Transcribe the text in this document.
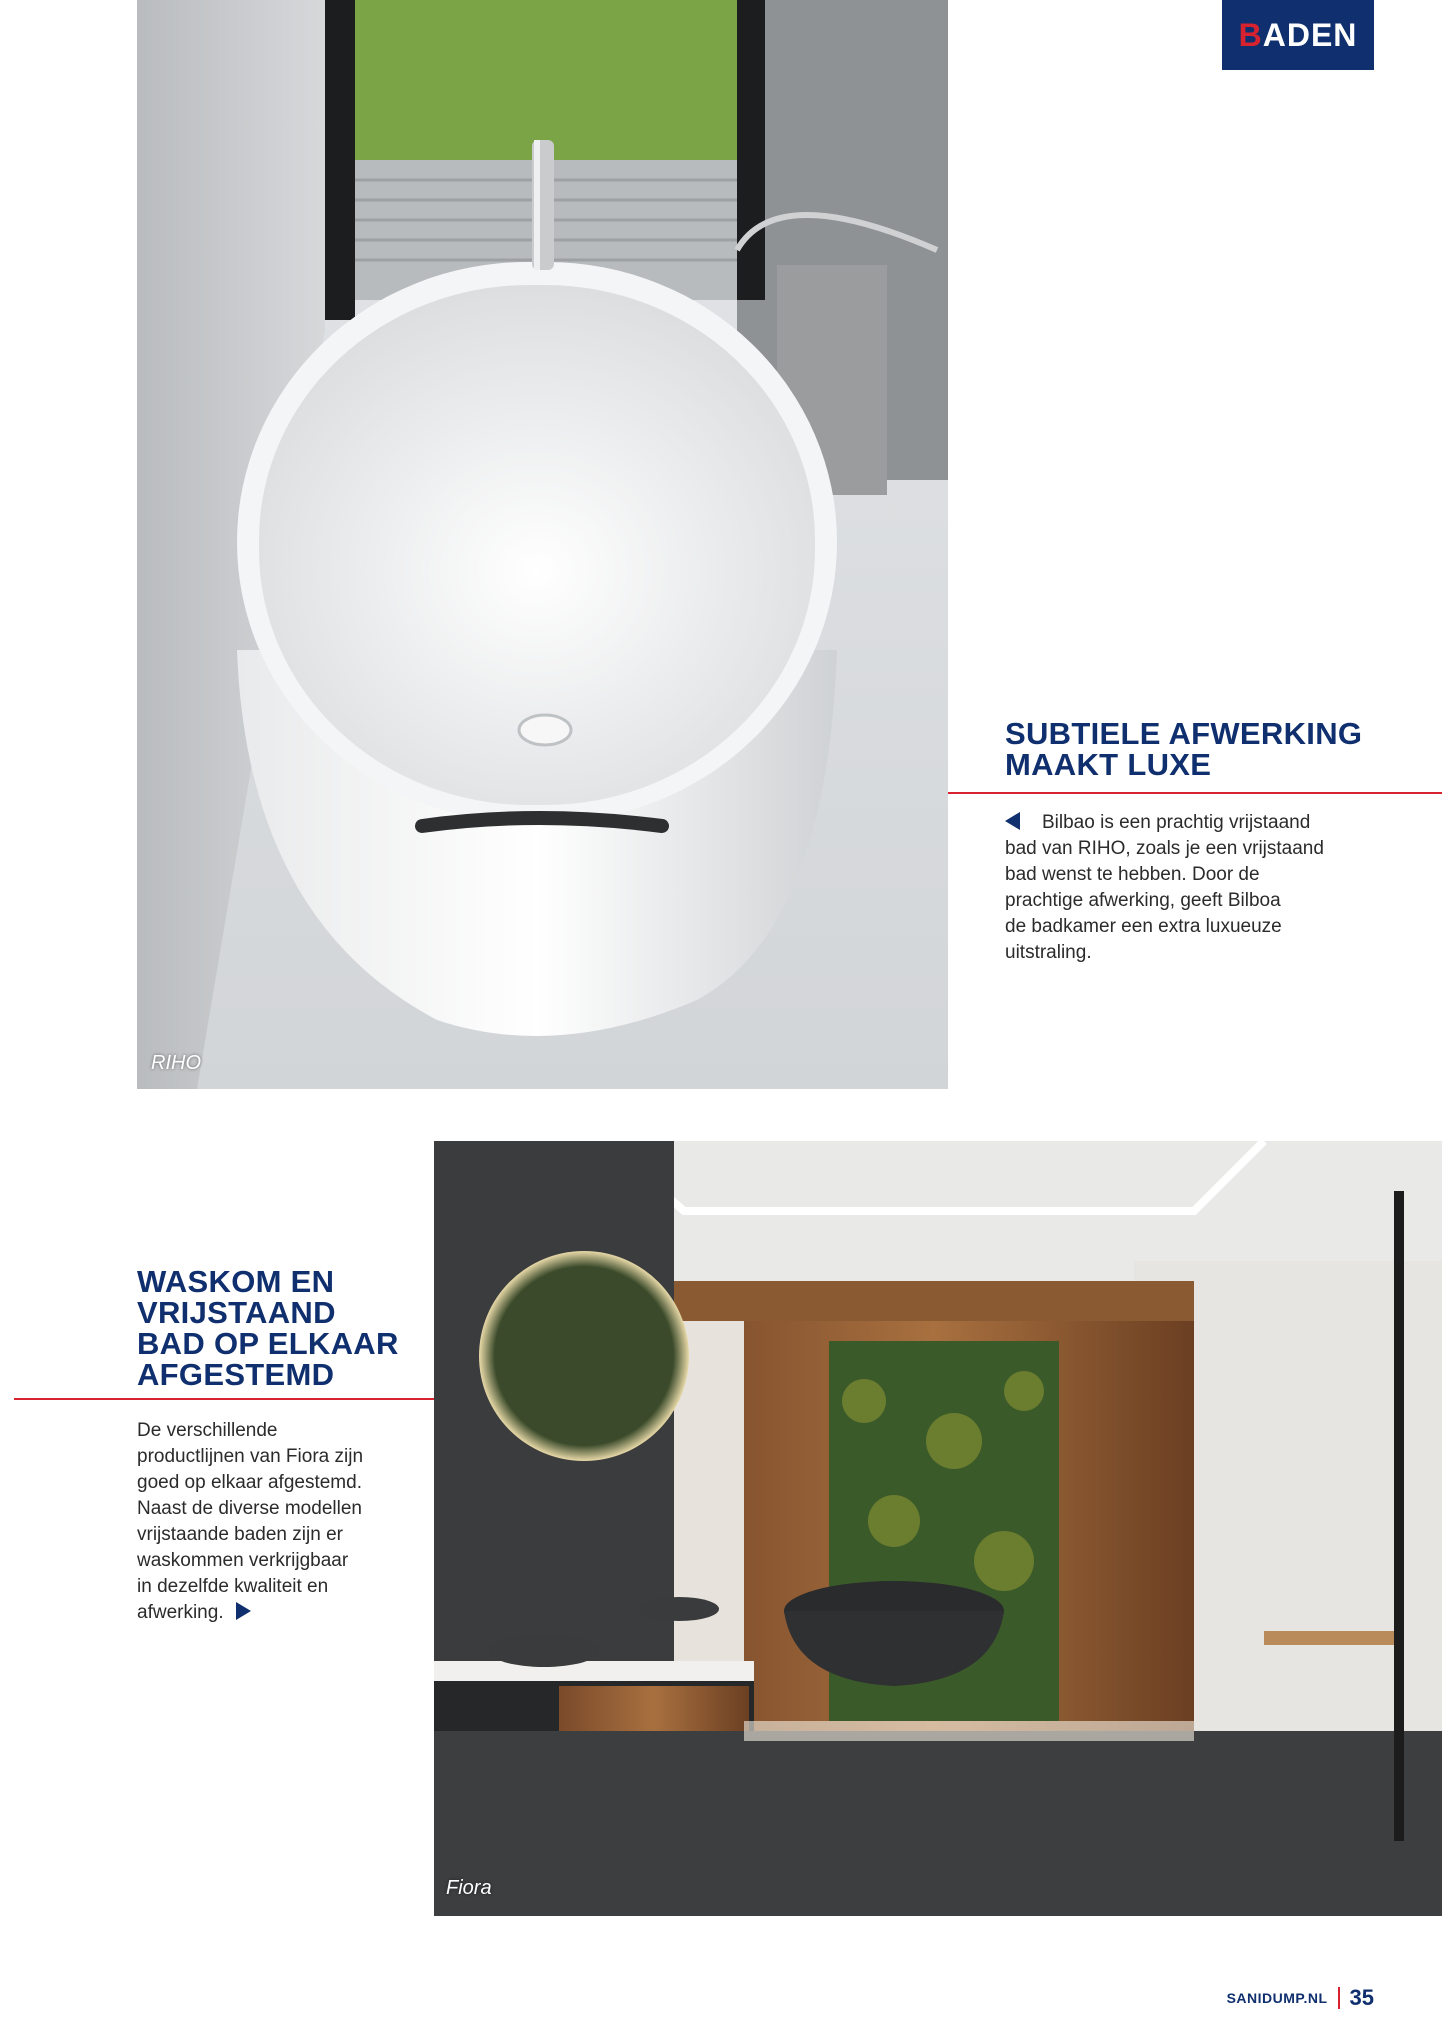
B ADEN
RIHO

SUBTIELE AFWERKING

MAAKT LUXE

Bilbao is een prachtig vrijstaand

bad van RIHO, zoals je een vrijstaand

bad wenst te hebben. Door de

prachtige afwerking, geeft Bilboa

de badkamer een extra luxueuze

uitstraling.

WASKOM EN

VRIJSTAAND

BAD OP ELKAAR

AFGESTEMD

De verschillende

productlijnen van Fiora zijn

goed op elkaar afgestemd.

Naast de diverse modellen

vrijstaande baden zijn er

waskommen verkrijgbaar

in dezelfde kwaliteit en

afwerking.

Fiora
SANIDUMP.NL 35
